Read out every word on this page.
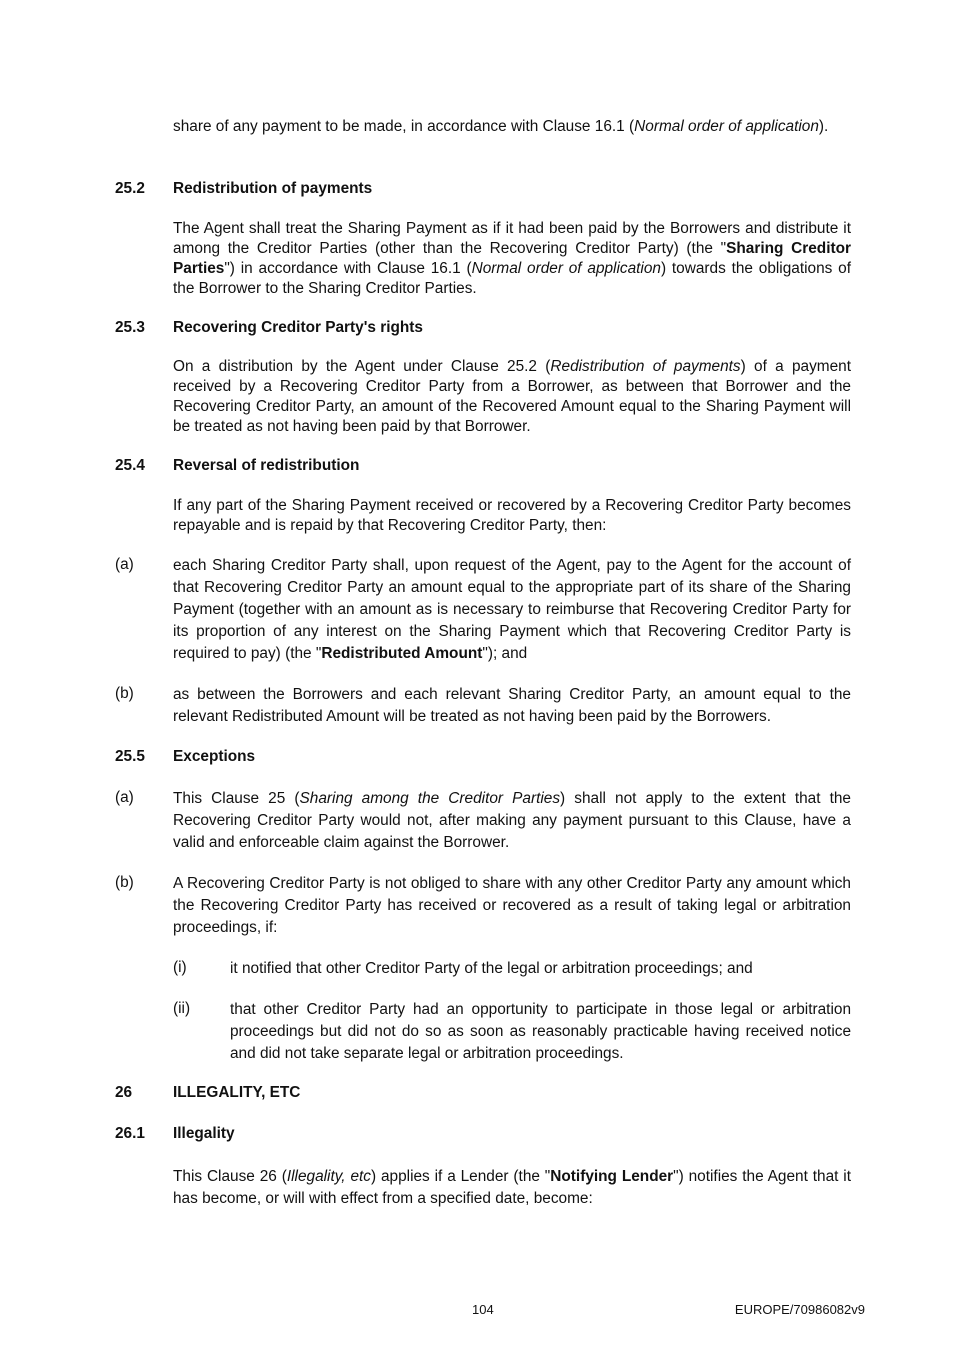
share of any payment to be made, in accordance with Clause 16.1 (Normal order of application).

25.2 Redistribution of payments

The Agent shall treat the Sharing Payment as if it had been paid by the Borrowers and distribute it among the Creditor Parties (other than the Recovering Creditor Party) (the "Sharing Creditor Parties") in accordance with Clause 16.1 (Normal order of application) towards the obligations of the Borrower to the Sharing Creditor Parties.

25.3 Recovering Creditor Party's rights

On a distribution by the Agent under Clause 25.2 (Redistribution of payments) of a payment received by a Recovering Creditor Party from a Borrower, as between that Borrower and the Recovering Creditor Party, an amount of the Recovered Amount equal to the Sharing Payment will be treated as not having been paid by that Borrower.

25.4 Reversal of redistribution

If any part of the Sharing Payment received or recovered by a Recovering Creditor Party becomes repayable and is repaid by that Recovering Creditor Party, then:

(a)	each Sharing Creditor Party shall, upon request of the Agent, pay to the Agent for the account of that Recovering Creditor Party an amount equal to the appropriate part of its share of the Sharing Payment (together with an amount as is necessary to reimburse that Recovering Creditor Party for its proportion of any interest on the Sharing Payment which that Recovering Creditor Party is required to pay) (the "Redistributed Amount"); and

(b)	as between the Borrowers and each relevant Sharing Creditor Party, an amount equal to the relevant Redistributed Amount will be treated as not having been paid by the Borrowers.

25.5 Exceptions
(a)	This Clause 25 (Sharing among the Creditor Parties) shall not apply to the extent that the Recovering Creditor Party would not, after making any payment pursuant to this Clause, have a valid and enforceable claim against the Borrower.

(b)	A Recovering Creditor Party is not obliged to share with any other Creditor Party any amount which the Recovering Creditor Party has received or recovered as a result of taking legal or arbitration proceedings, if:

(i)	it notified that other Creditor Party of the legal or arbitration proceedings; and

(ii)	that other Creditor Party had an opportunity to participate in those legal or arbitration proceedings but did not do so as soon as reasonably practicable having received notice and did not take separate legal or arbitration proceedings.

26	ILLEGALITY, ETC
26.1 Illegality

This Clause 26 (Illegality, etc) applies if a Lender (the "Notifying Lender") notifies the Agent that it has become, or will with effect from a specified date, become:

104	EUROPE/70986082v9
